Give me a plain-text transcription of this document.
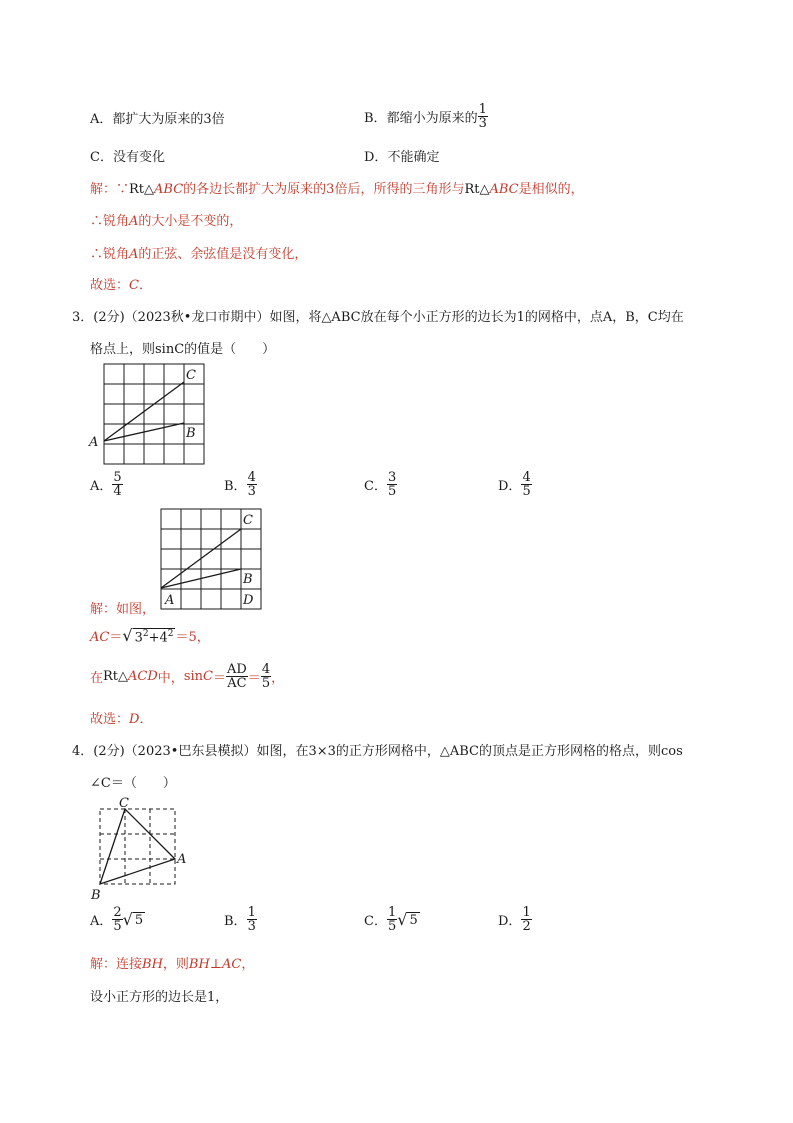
A．都扩大为原来的3倍	B．都缩小为原来的 $\frac{1}{3}$
C．没有变化	D．不能确定
解：∵Rt△ABC的各边长都扩大为原来的3倍后，所得的三角形与Rt△ABC是相似的，
∴锐角A的大小是不变的，
∴锐角A的正弦、余弦值是没有变化，
故选：C．
3．(2分)（2023秋•龙口市期中）如图，将△ABC放在每个小正方形的边长为1的网格中，点A，B，C均在
格点上，则sinC的值是（　　）
A
B
C
A． $\frac{5}{4}$	B． $\frac{4}{3}$	C． $\frac{3}{5}$	D． $\frac{4}{5}$
A
B
C
D
解：如图，
AC＝√ $3^2+4^2 =5$，
在Rt△ACD中，$\sin C= \frac{AD}{AC} = \frac{4}{5}$ ，
故选：D．
4．(2分)（2023•巴东县模拟）如图，在3×3的正方形网格中，△ABC的顶点是正方形网格的格点，则cos
∠C＝（　　）
C
A
B
A． $\frac{2}{5}$ √ 5	B． $\frac{1}{3}$	C． $\frac{1}{5}$ √ 5	D． $\frac{1}{2}$
解：连接BH，则BH⊥AC，
设小正方形的边长是1，
